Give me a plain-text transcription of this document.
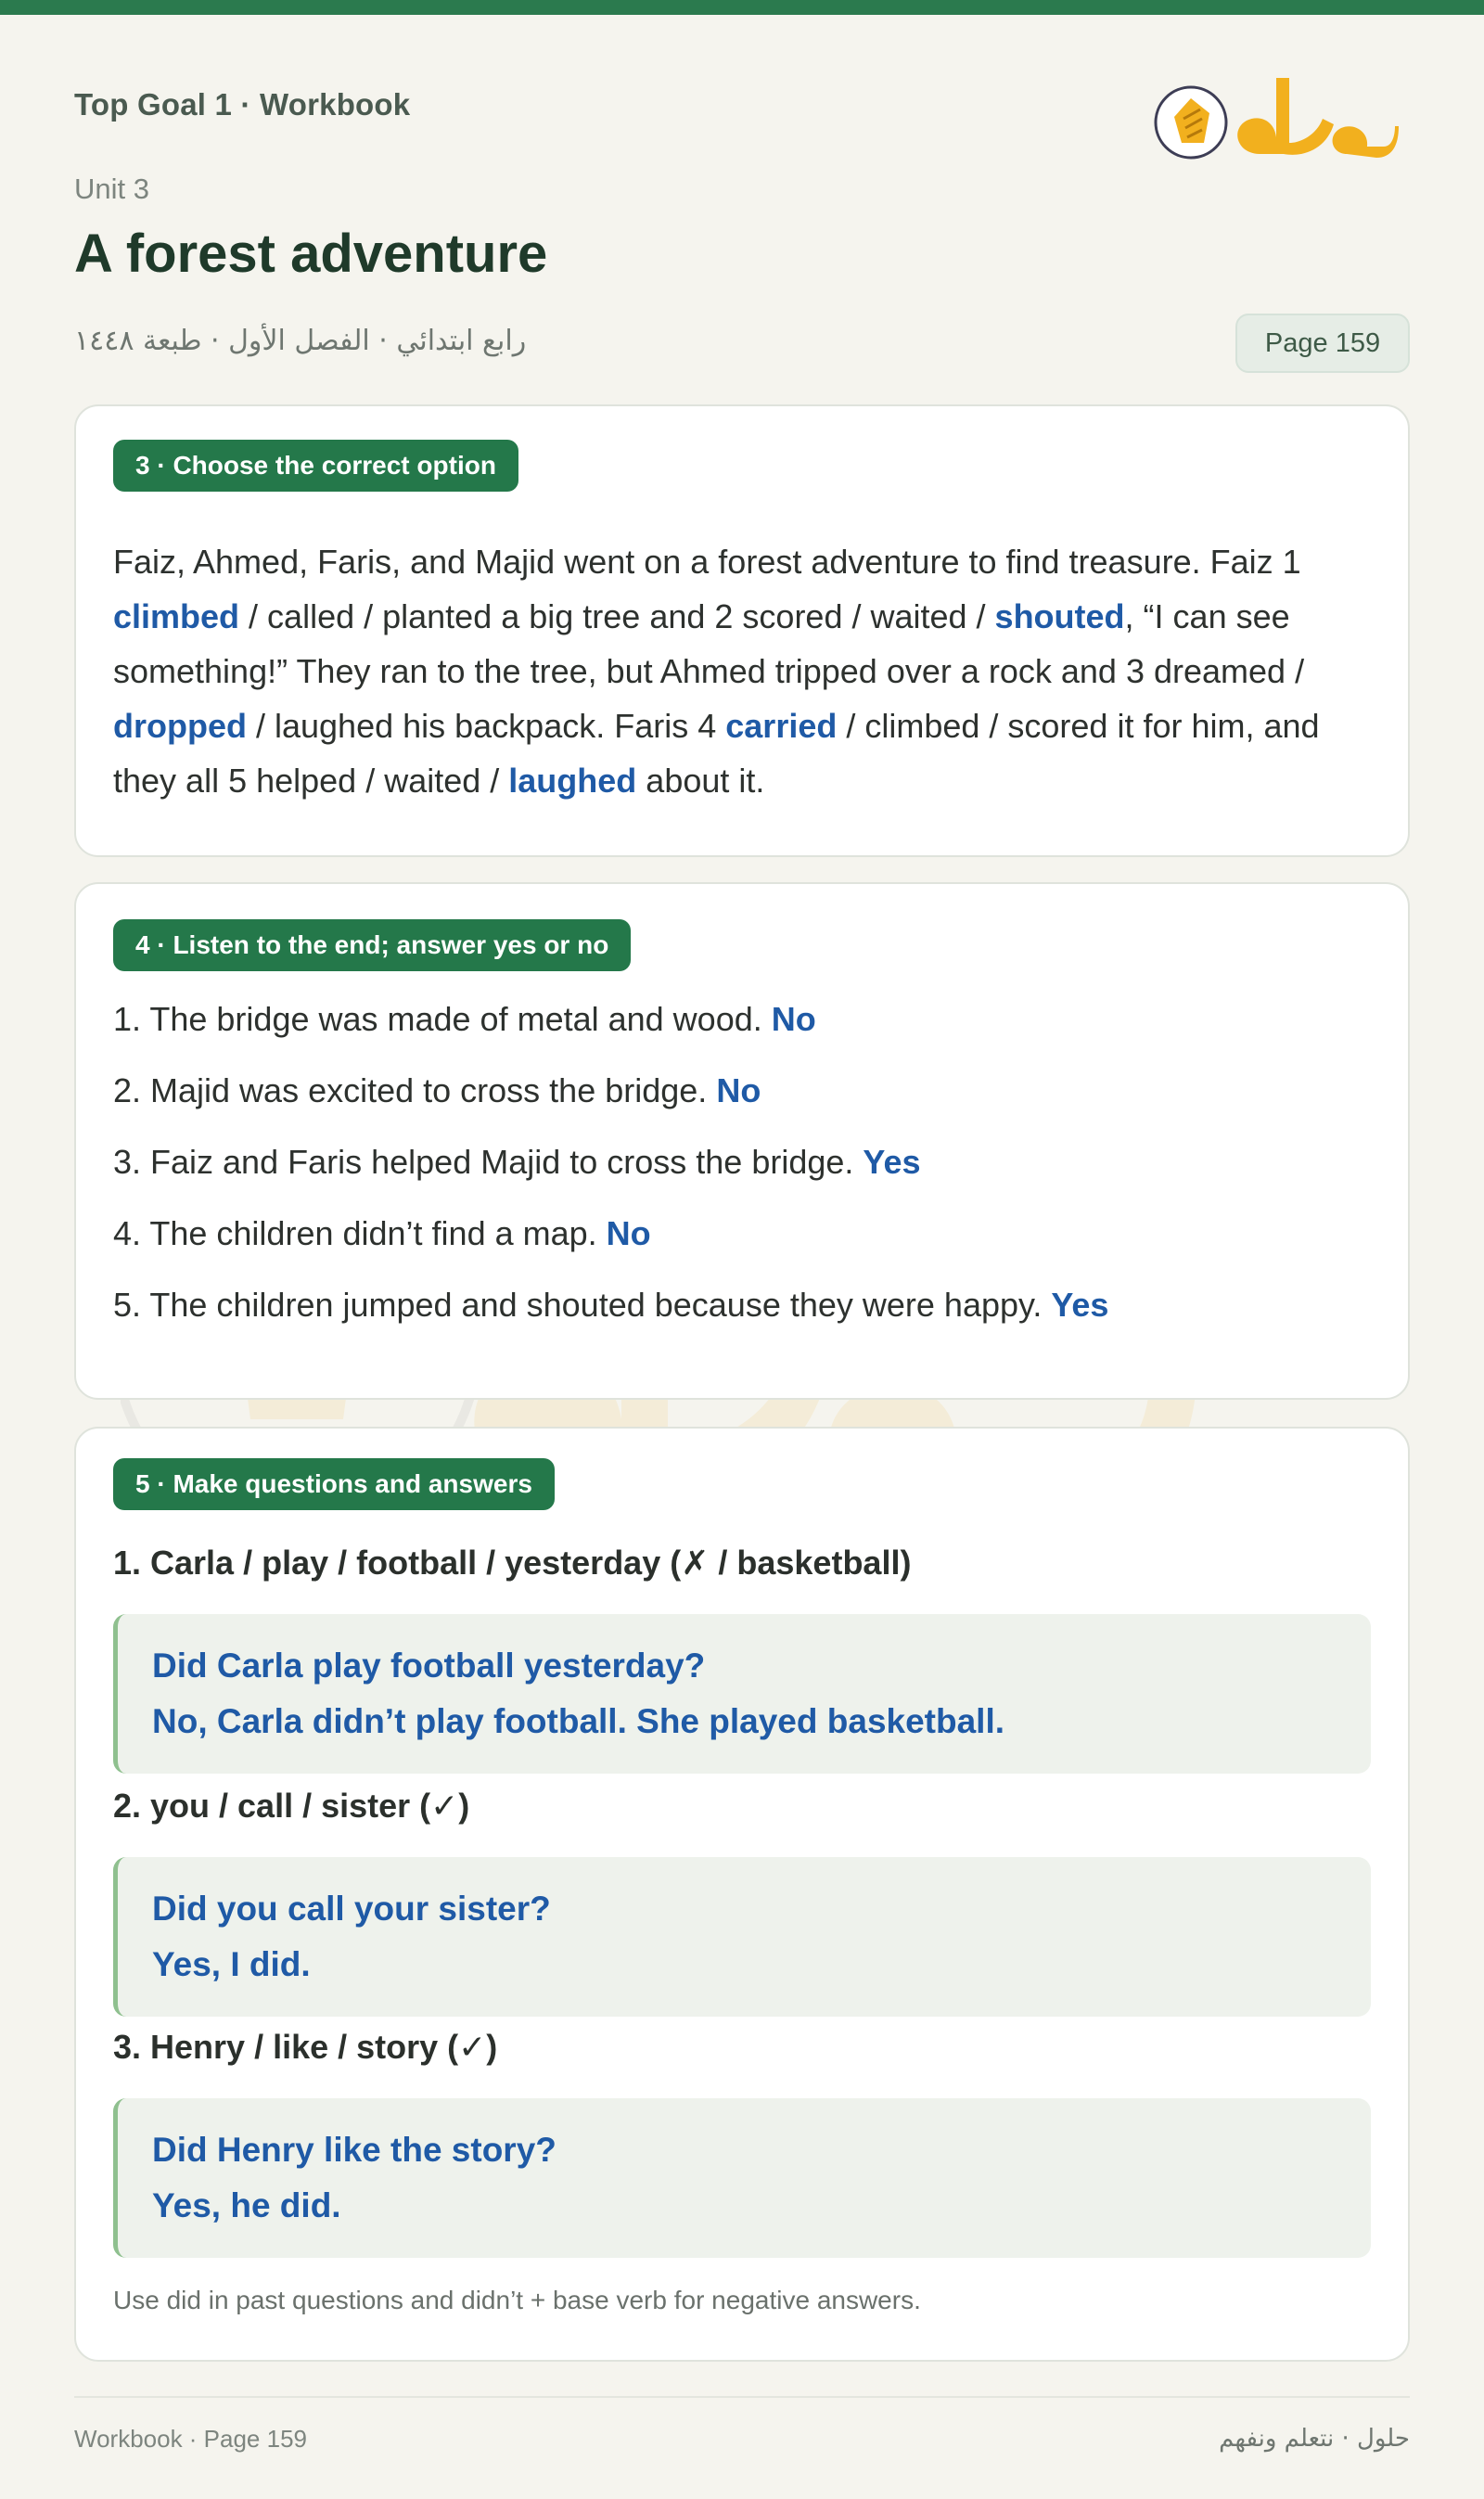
Top Goal 1 · Workbook
Unit 3
A forest adventure
رابع ابتدائي · الفصل الأول · طبعة ١٤٤٨	Page 159
3 · Choose the correct option
Faiz, Ahmed, Faris, and Majid went on a forest adventure to find treasure. Faiz 1 climbed / called / planted a big tree and 2 scored / waited / shouted, “I can see something!” They ran to the tree, but Ahmed tripped over a rock and 3 dreamed / dropped / laughed his backpack. Faris 4 carried / climbed / scored it for him, and they all 5 helped / waited / laughed about it.
4 · Listen to the end; answer yes or no
1. The bridge was made of metal and wood. No
2. Majid was excited to cross the bridge. No
3. Faiz and Faris helped Majid to cross the bridge. Yes
4. The children didn’t find a map. No
5. The children jumped and shouted because they were happy. Yes
5 · Make questions and answers
1. Carla / play / football / yesterday (✗ / basketball)
Did Carla play football yesterday?
No, Carla didn’t play football. She played basketball.
2. you / call / sister (✓)
Did you call your sister?
Yes, I did.
3. Henry / like / story (✓)
Did Henry like the story?
Yes, he did.
Use did in past questions and didn’t + base verb for negative answers.
Workbook · Page 159	حلول · نتعلم ونفهم
